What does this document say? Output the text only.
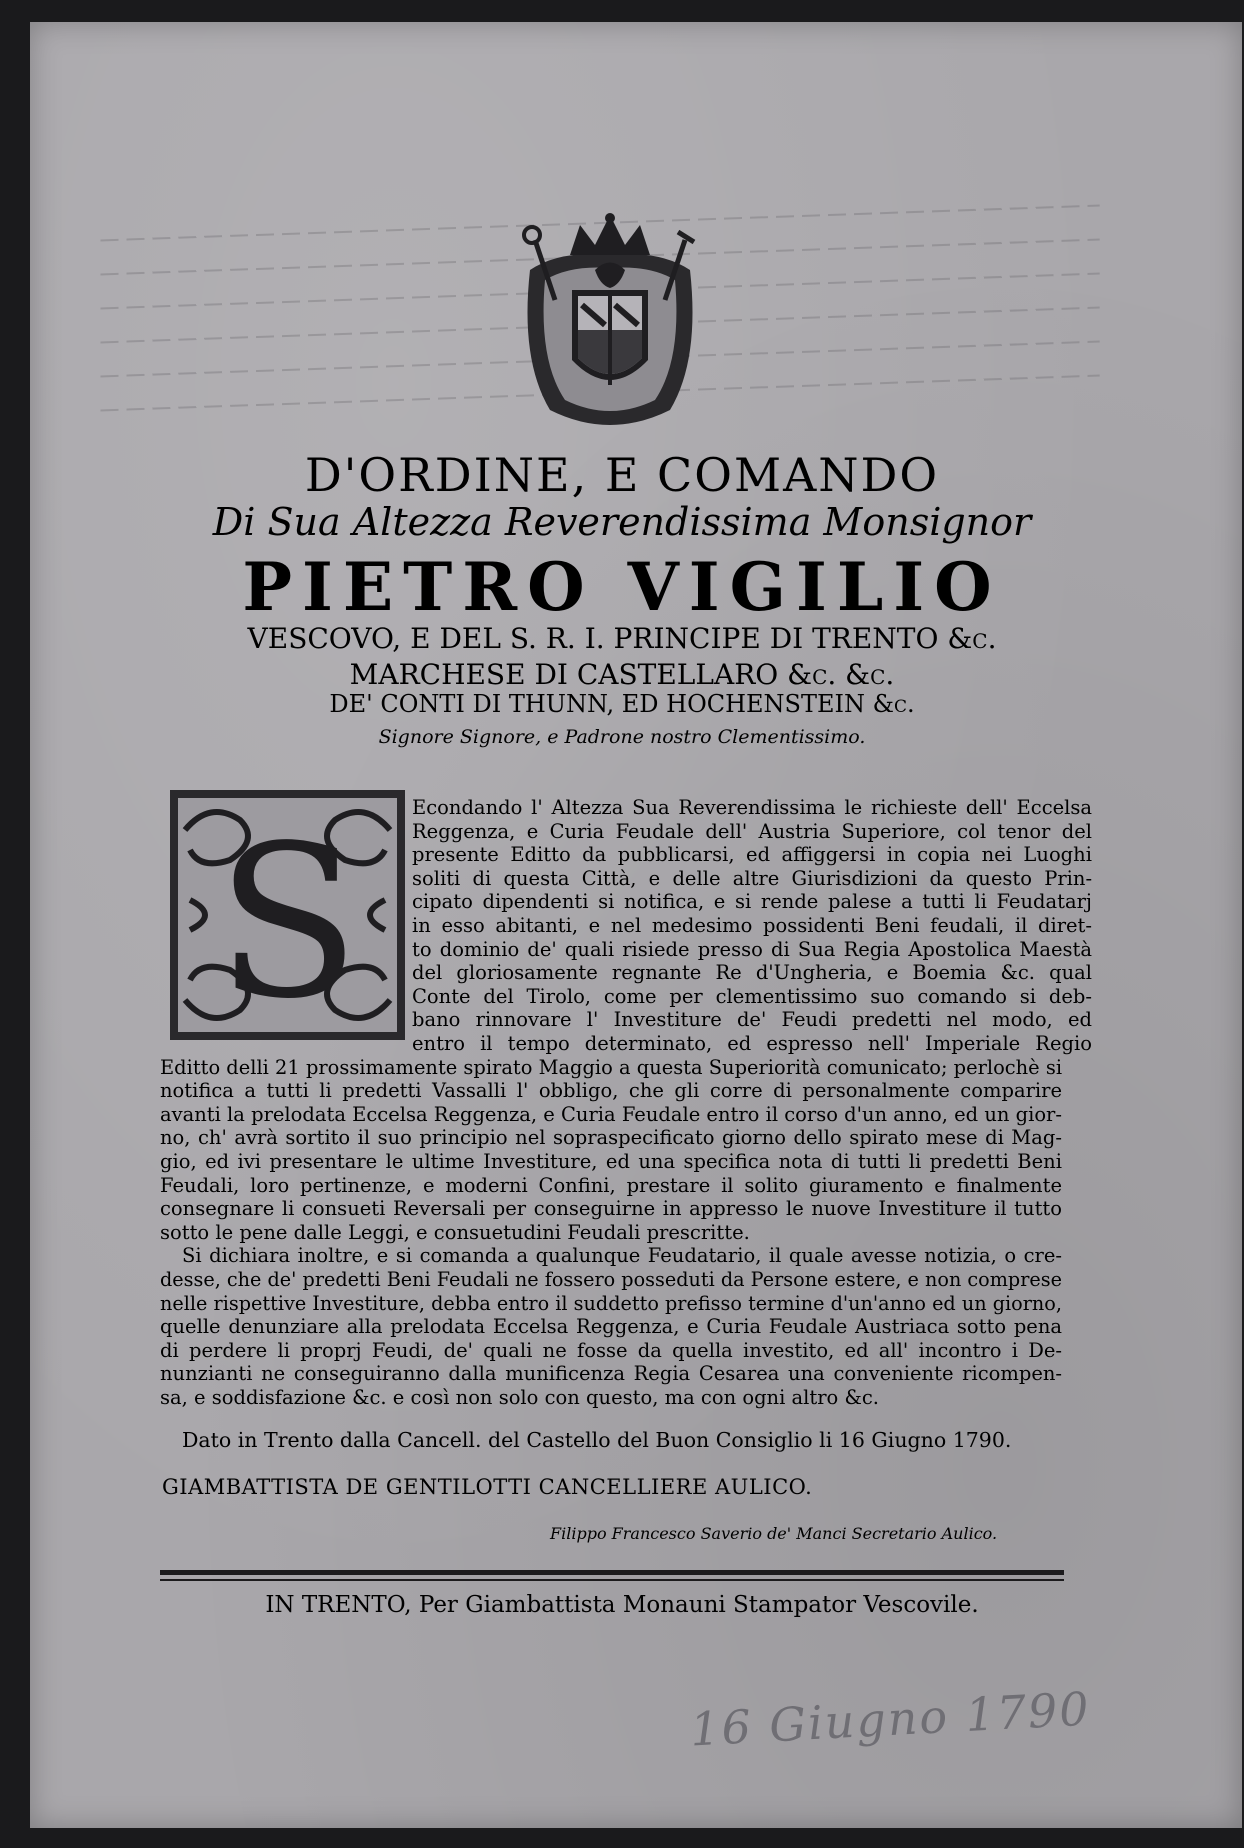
D'ORDINE, E COMANDO
Di Sua Altezza Reverendissima Monsignor
PIETRO VIGILIO
VESCOVO, E DEL S. R. I. PRINCIPE DI TRENTO &c.
MARCHESE DI CASTELLARO &c. &c.
DE' CONTI DI THUNN, ED HOCHENSTEIN &c.
Signore Signore, e Padrone nostro Clementissimo.
S	Econdando l' Altezza Sua Reverendissima le richieste dell' Eccelsa
Reggenza, e Curia Feudale dell' Austria Superiore, col tenor del
presente Editto da pubblicarsi, ed affiggersi in copia nei Luoghi
soliti di questa Città, e delle altre Giurisdizioni da questo Prin-
cipato dipendenti si notifica, e si rende palese a tutti li Feudatarj
in esso abitanti, e nel medesimo possidenti Beni feudali, il diret-
to dominio de' quali risiede presso di Sua Regia Apostolica Maestà
del gloriosamente regnante Re d'Ungheria, e Boemia &c. qual
Conte del Tirolo, come per clementissimo suo comando si deb-
bano rinnovare l' Investiture de' Feudi predetti nel modo, ed
entro il tempo determinato, ed espresso nell' Imperiale Regio
Editto delli 21 prossimamente spirato Maggio a questa Superiorità comunicato; perlochè si
notifica a tutti li predetti Vassalli l' obbligo, che gli corre di personalmente comparire
avanti la prelodata Eccelsa Reggenza, e Curia Feudale entro il corso d'un anno, ed un gior-
no, ch' avrà sortito il suo principio nel sopraspecificato giorno dello spirato mese di Mag-
gio, ed ivi presentare le ultime Investiture, ed una specifica nota di tutti li predetti Beni
Feudali, loro pertinenze, e moderni Confini, prestare il solito giuramento e finalmente
consegnare li consueti Reversali per conseguirne in appresso le nuove Investiture il tutto
sotto le pene dalle Leggi, e consuetudini Feudali prescritte.
Si dichiara inoltre, e si comanda a qualunque Feudatario, il quale avesse notizia, o cre-
desse, che de' predetti Beni Feudali ne fossero posseduti da Persone estere, e non comprese
nelle rispettive Investiture, debba entro il suddetto prefisso termine d'un'anno ed un giorno,
quelle denunziare alla prelodata Eccelsa Reggenza, e Curia Feudale Austriaca sotto pena
di perdere li proprj Feudi, de' quali ne fosse da quella investito, ed all' incontro i De-
nunzianti ne conseguiranno dalla munificenza Regia Cesarea una conveniente ricompen-
sa, e soddisfazione &c. e così non solo con questo, ma con ogni altro &c.
Dato in Trento dalla Cancell. del Castello del Buon Consiglio li 16 Giugno 1790.
GIAMBATTISTA DE GENTILOTTI CANCELLIERE AULICO.
Filippo Francesco Saverio de' Manci Secretario Aulico.
IN TRENTO, Per Giambattista Monauni Stampator Vescovile.
16 Giugno 1790
